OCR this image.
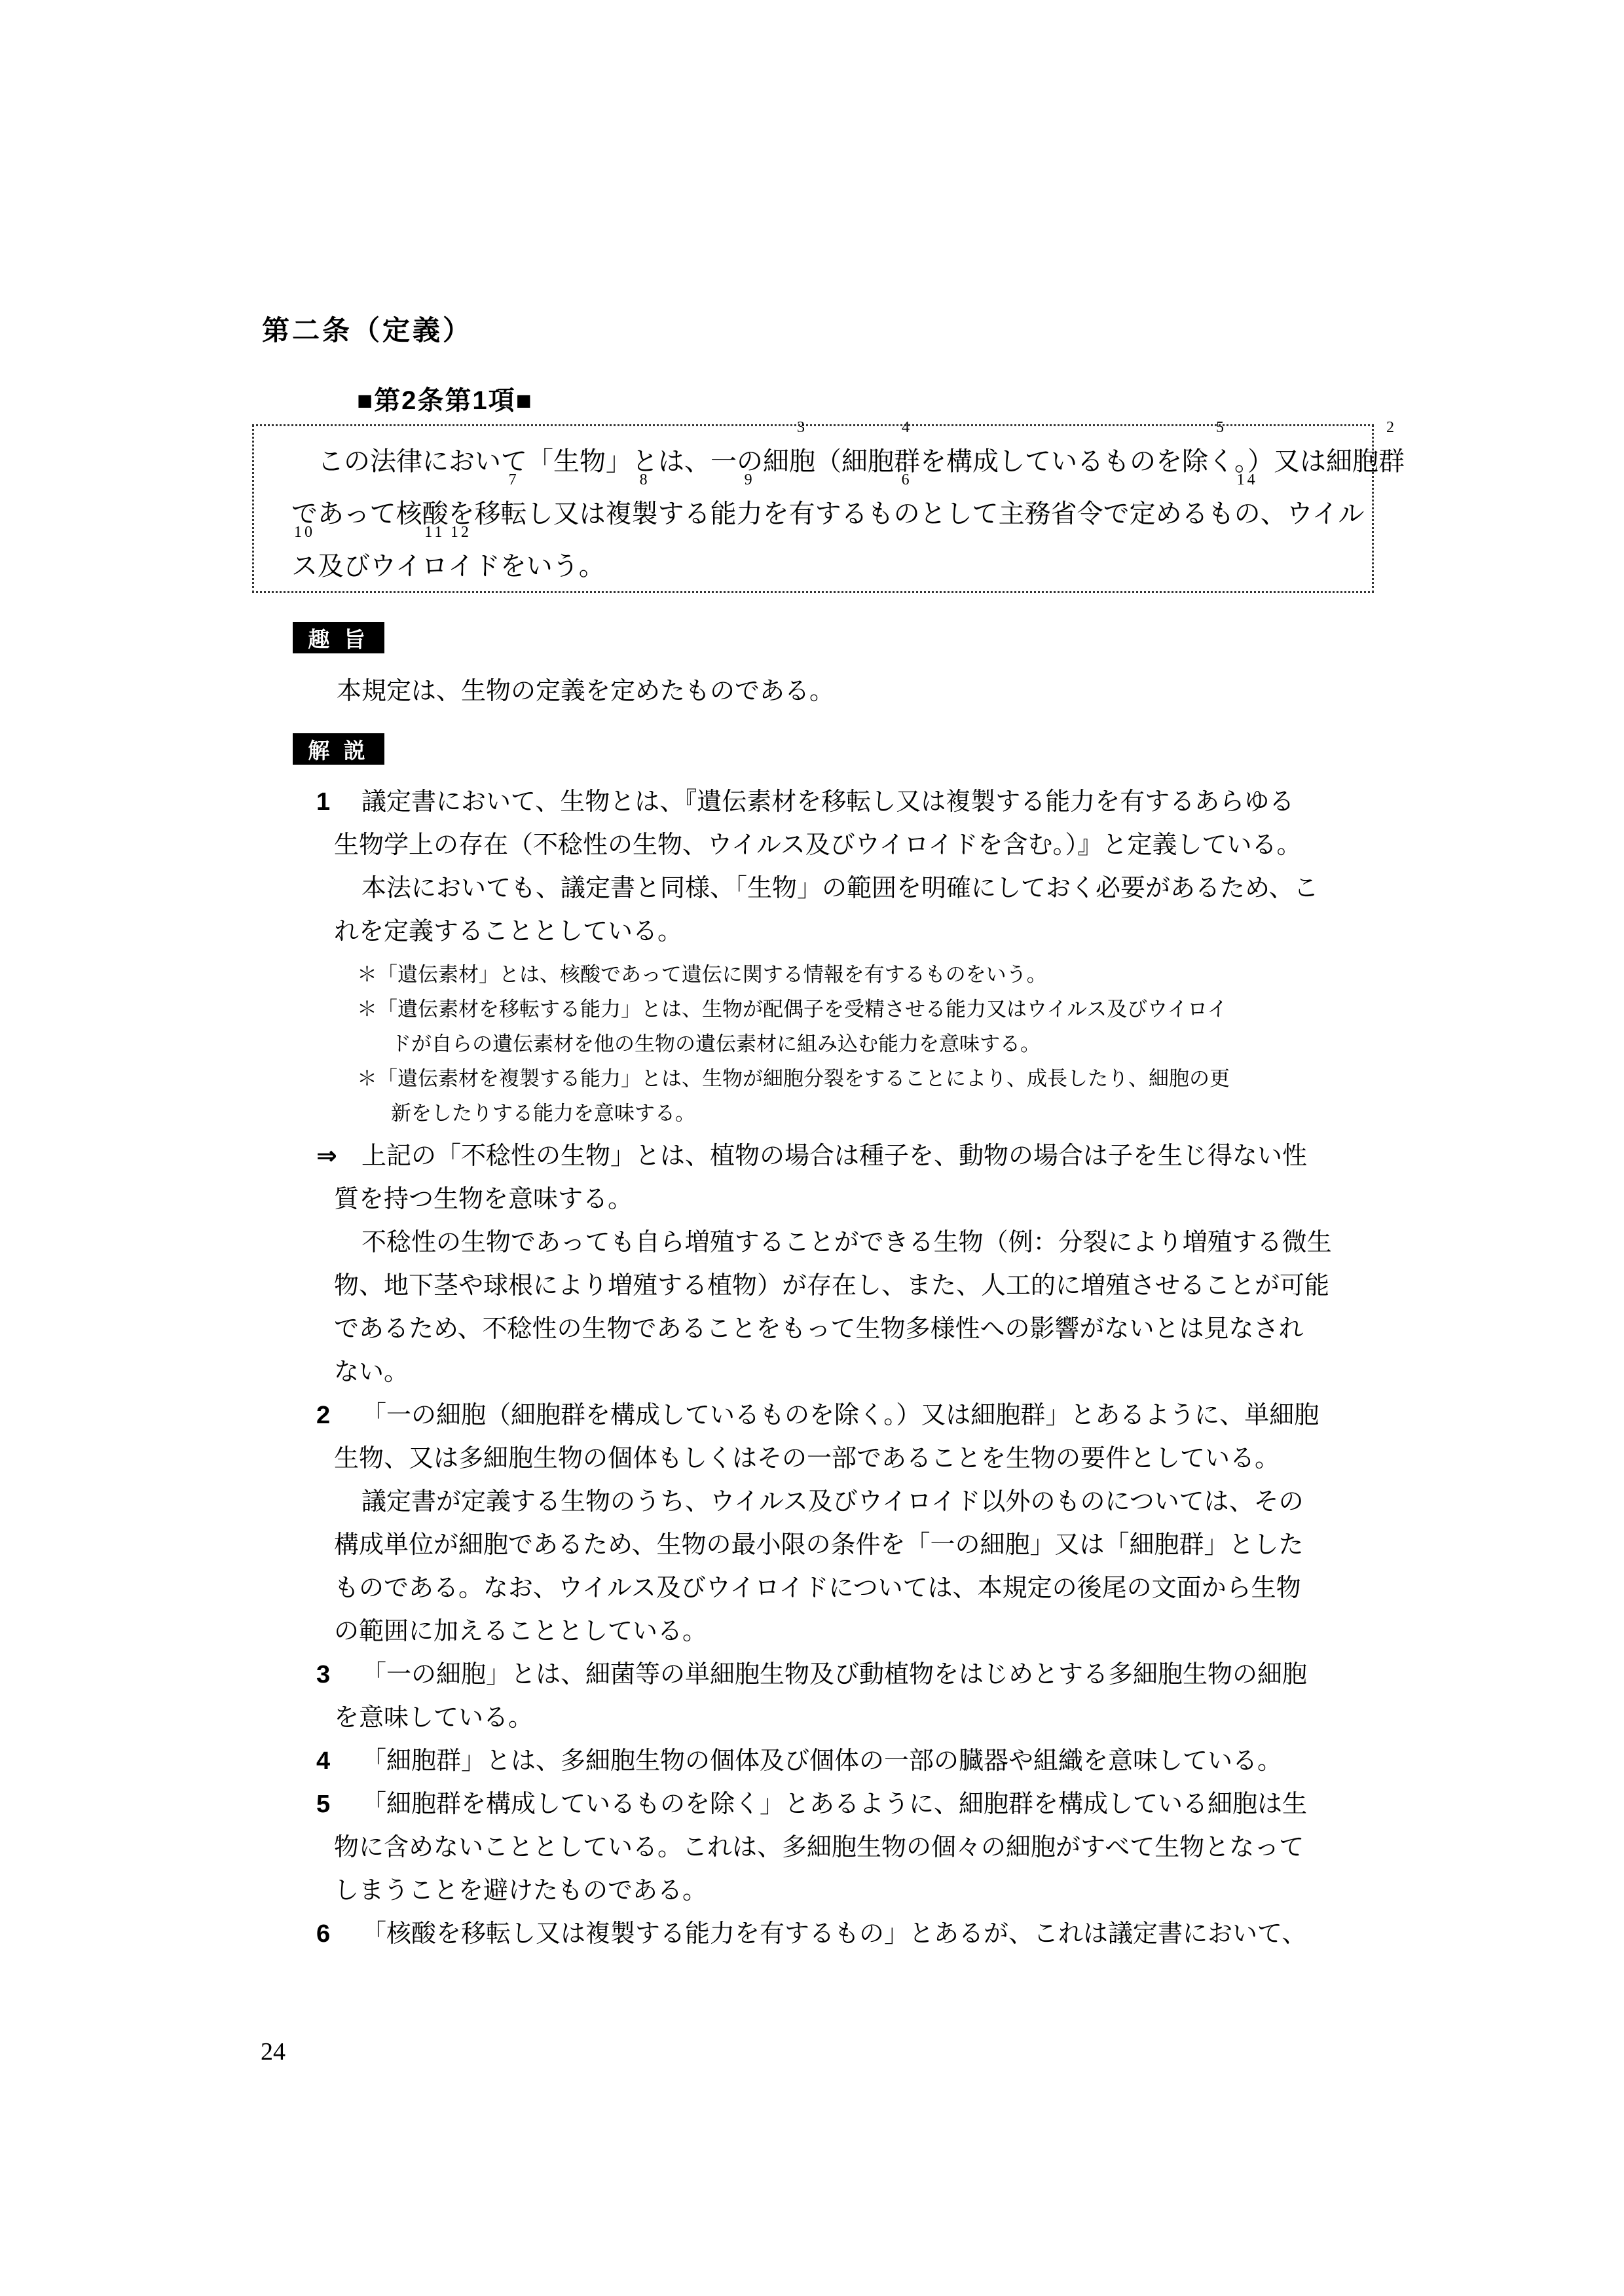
第二条（定義）
■第2条第1項■
　この法律において「生物」とは、一の細
3
胞（細胞
4
群を構成しているものを除
5
く。）又は細胞
2
群
であって核酸を移
7
転し又は複
8
製する能
9
力を有するも
6
のとして主務省令で定めるも
14
の、ウイル
10
ス及びウイ
11
ロ
12
イドをいう。
趣 旨
本規定は、生物の定義を定めたものである。
解 説
1	議定書において、生物とは、『遺伝素材を移転し又は複製する能力を有するあらゆる
生物学上の存在（不稔性の生物、ウイルス及びウイロイドを含む。）』と定義している。
本法においても、議定書と同様、「生物」の範囲を明確にしておく必要があるため、こ
れを定義することとしている。
＊「遺伝素材」とは、核酸であって遺伝に関する情報を有するものをいう。
＊「遺伝素材を移転する能力」とは、生物が配偶子を受精させる能力又はウイルス及びウイロイ
ドが自らの遺伝素材を他の生物の遺伝素材に組み込む能力を意味する。
＊「遺伝素材を複製する能力」とは、生物が細胞分裂をすることにより、成長したり、細胞の更
新をしたりする能力を意味する。
⇒ 上記の「不稔性の生物」とは、植物の場合は種子を、動物の場合は子を生じ得ない性
質を持つ生物を意味する。
不稔性の生物であっても自ら増殖することができる生物（例：分裂により増殖する微生
物、地下茎や球根により増殖する植物）が存在し、また、人工的に増殖させることが可能
であるため、不稔性の生物であることをもって生物多様性への影響がないとは見なされ
ない。
2	「一の細胞（細胞群を構成しているものを除く。）又は細胞群」とあるように、単細胞
生物、又は多細胞生物の個体もしくはその一部であることを生物の要件としている。
議定書が定義する生物のうち、ウイルス及びウイロイド以外のものについては、その
構成単位が細胞であるため、生物の最小限の条件を「一の細胞」又は「細胞群」とした
ものである。なお、ウイルス及びウイロイドについては、本規定の後尾の文面から生物
の範囲に加えることとしている。
3	「一の細胞」とは、細菌等の単細胞生物及び動植物をはじめとする多細胞生物の細胞
を意味している。
4	「細胞群」とは、多細胞生物の個体及び個体の一部の臓器や組織を意味している。
5	「細胞群を構成しているものを除く」とあるように、細胞群を構成している細胞は生
物に含めないこととしている。これは、多細胞生物の個々の細胞がすべて生物となって
しまうことを避けたものである。
6	「核酸を移転し又は複製する能力を有するもの」とあるが、これは議定書において、
24
